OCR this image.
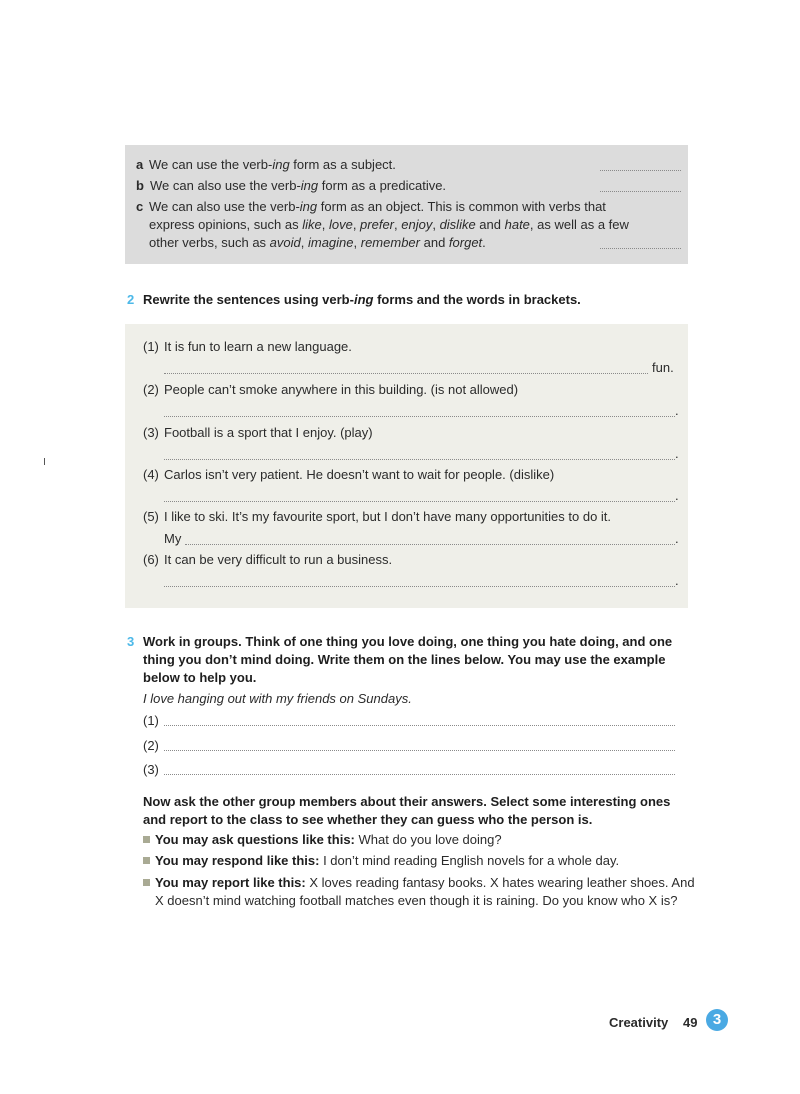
a We can use the verb-ing form as a subject.
b We can also use the verb-ing form as a predicative.
c We can also use the verb-ing form as an object. This is common with verbs that
express opinions, such as like, love, prefer, enjoy, dislike and hate, as well as a few
other verbs, such as avoid, imagine, remember and forget.
2 Rewrite the sentences using verb-ing forms and the words in brackets.
(1) It is fun to learn a new language.
fun.
(2) People can’t smoke anywhere in this building. (is not allowed)
.
(3) Football is a sport that I enjoy. (play)
.
(4) Carlos isn’t very patient. He doesn’t want to wait for people. (dislike)
.
(5) I like to ski. It’s my favourite sport, but I don’t have many opportunities to do it.
My	.
(6) It can be very difficult to run a business.
.
3 Work in groups. Think of one thing you love doing, one thing you hate doing, and one
thing you don’t mind doing. Write them on the lines below. You may use the example
below to help you.
I love hanging out with my friends on Sundays.
(1)
(2)
(3)
Now ask the other group members about their answers. Select some interesting ones
and report to the class to see whether they can guess who the person is.
You may ask questions like this: What do you love doing?
You may respond like this: I don’t mind reading English novels for a whole day.
You may report like this: X loves reading fantasy books. X hates wearing leather shoes. And
X doesn’t mind watching football matches even though it is raining. Do you know who X is?
Creativity 49	3
